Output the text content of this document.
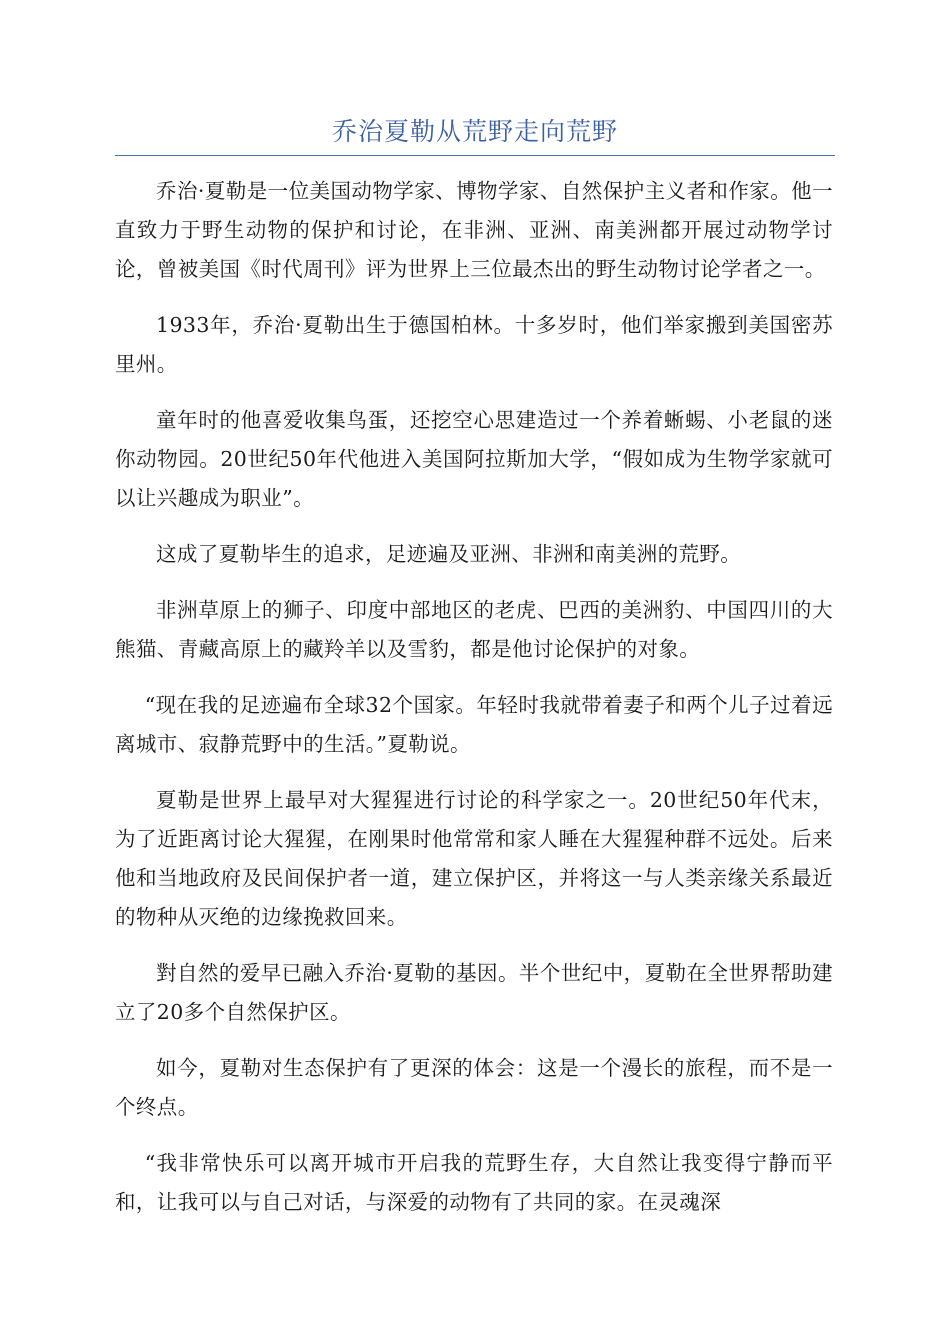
乔治夏勒从荒野走向荒野

乔治·夏勒是一位美国动物学家、博物学家、自然保护主义者和作家。他一直致力于野生动物的保护和讨论，在非洲、亚洲、南美洲都开展过动物学讨论，曾被美国《时代周刊》评为世界上三位最杰出的野生动物讨论学者之一。

1933年，乔治·夏勒出生于德国柏林。十多岁时，他们举家搬到美国密苏里州。

童年时的他喜爱收集鸟蛋，还挖空心思建造过一个养着蜥蜴、小老鼠的迷你动物园。20世纪50年代他进入美国阿拉斯加大学，“假如成为生物学家就可以让兴趣成为职业”。

这成了夏勒毕生的追求，足迹遍及亚洲、非洲和南美洲的荒野。

非洲草原上的狮子、印度中部地区的老虎、巴西的美洲豹、中国四川的大熊猫、青藏高原上的藏羚羊以及雪豹，都是他讨论保护的对象。

“现在我的足迹遍布全球32个国家。年轻时我就带着妻子和两个儿子过着远离城市、寂静荒野中的生活。”夏勒说。

夏勒是世界上最早对大猩猩进行讨论的科学家之一。20世纪50年代末，为了近距离讨论大猩猩，在刚果时他常常和家人睡在大猩猩种群不远处。后来他和当地政府及民间保护者一道，建立保护区，并将这一与人类亲缘关系最近的物种从灭绝的边缘挽救回来。

對自然的爱早已融入乔治·夏勒的基因。半个世纪中，夏勒在全世界帮助建立了20多个自然保护区。

如今，夏勒对生态保护有了更深的体会：这是一个漫长的旅程，而不是一个终点。

“我非常快乐可以离开城市开启我的荒野生存，大自然让我变得宁静而平和，让我可以与自己对话，与深爱的动物有了共同的家。在灵魂深
